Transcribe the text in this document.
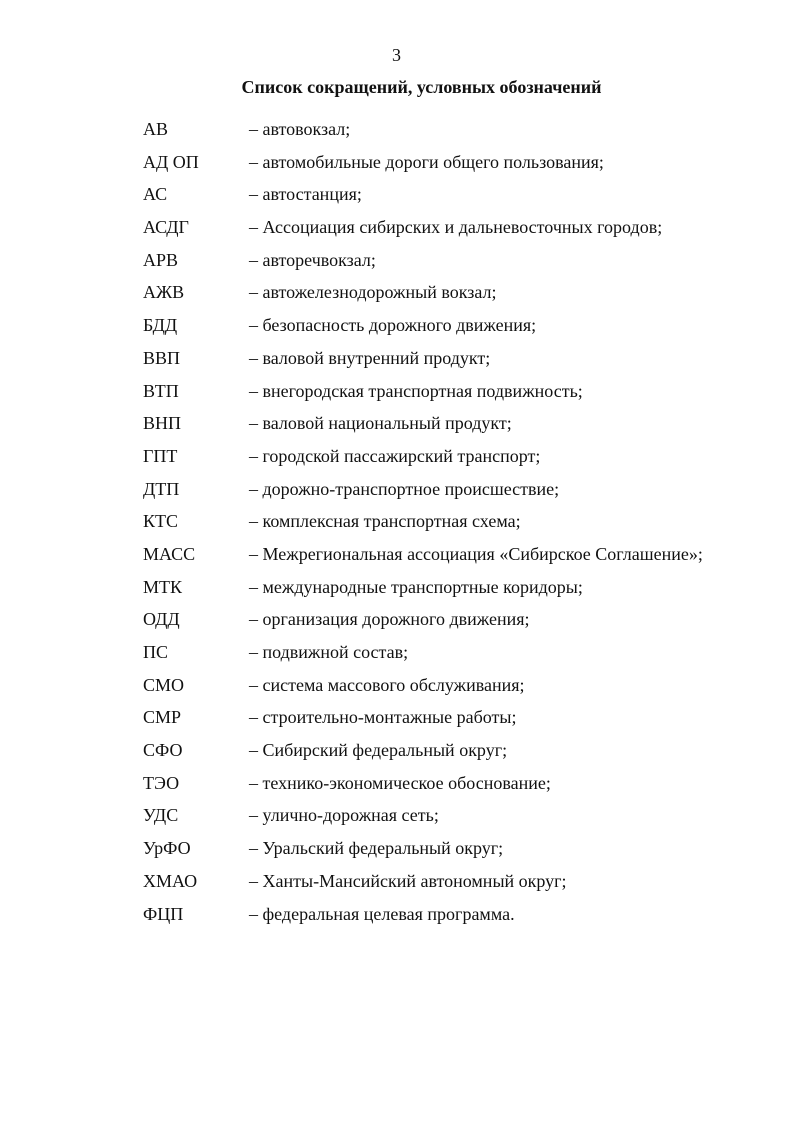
3
Список сокращений, условных обозначений
АВ	– автовокзал;
АД ОП	– автомобильные дороги общего пользования;
АС	– автостанция;
АСДГ	– Ассоциация сибирских и дальневосточных городов;
АРВ	– авторечвокзал;
АЖВ	– автожелезнодорожный вокзал;
БДД	– безопасность дорожного движения;
ВВП	– валовой внутренний продукт;
ВТП	– внегородская транспортная подвижность;
ВНП	– валовой национальный продукт;
ГПТ	– городской пассажирский транспорт;
ДТП	– дорожно-транспортное происшествие;
КТС	– комплексная транспортная схема;
МАСС	– Межрегиональная ассоциация «Сибирское Соглашение»;
МТК	– международные транспортные коридоры;
ОДД	– организация дорожного движения;
ПС	– подвижной состав;
СМО	– система массового обслуживания;
СМР	– строительно-монтажные работы;
СФО	– Сибирский федеральный округ;
ТЭО	– технико-экономическое обоснование;
УДС	– улично-дорожная сеть;
УрФО	– Уральский федеральный округ;
ХМАО	– Ханты-Мансийский автономный округ;
ФЦП	– федеральная целевая программа.
